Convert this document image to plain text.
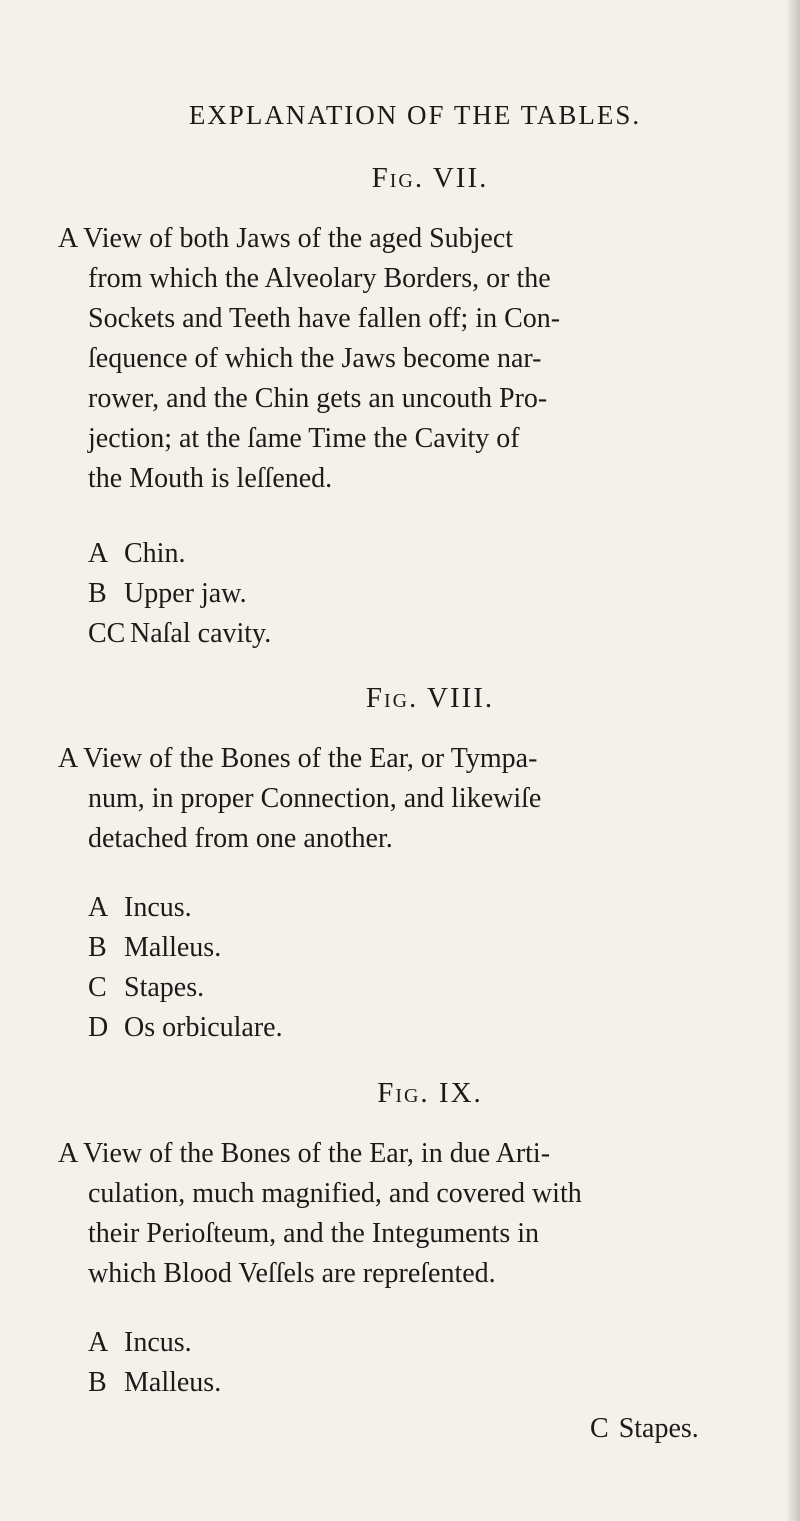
EXPLANATION OF THE TABLES.
Fig. VII.
A View of both Jaws of the aged Subject
from which the Alveolary Borders, or the
Sockets and Teeth have fallen off; in Con-
ſequence of which the Jaws become nar-
rower, and the Chin gets an uncouth Pro-
jection; at the ſame Time the Cavity of
the Mouth is leſſened.
A Chin.
B Upper jaw.
CC Naſal cavity.
Fig. VIII.
A View of the Bones of the Ear, or Tympa-
num, in proper Connection, and likewiſe
detached from one another.
A Incus.
B Malleus.
C Stapes.
D Os orbiculare.
Fig. IX.
A View of the Bones of the Ear, in due Arti-
culation, much magnified, and covered with
their Perioſteum, and the Integuments in
which Blood Veſſels are repreſented.
A Incus.
B Malleus.
C Stapes.
